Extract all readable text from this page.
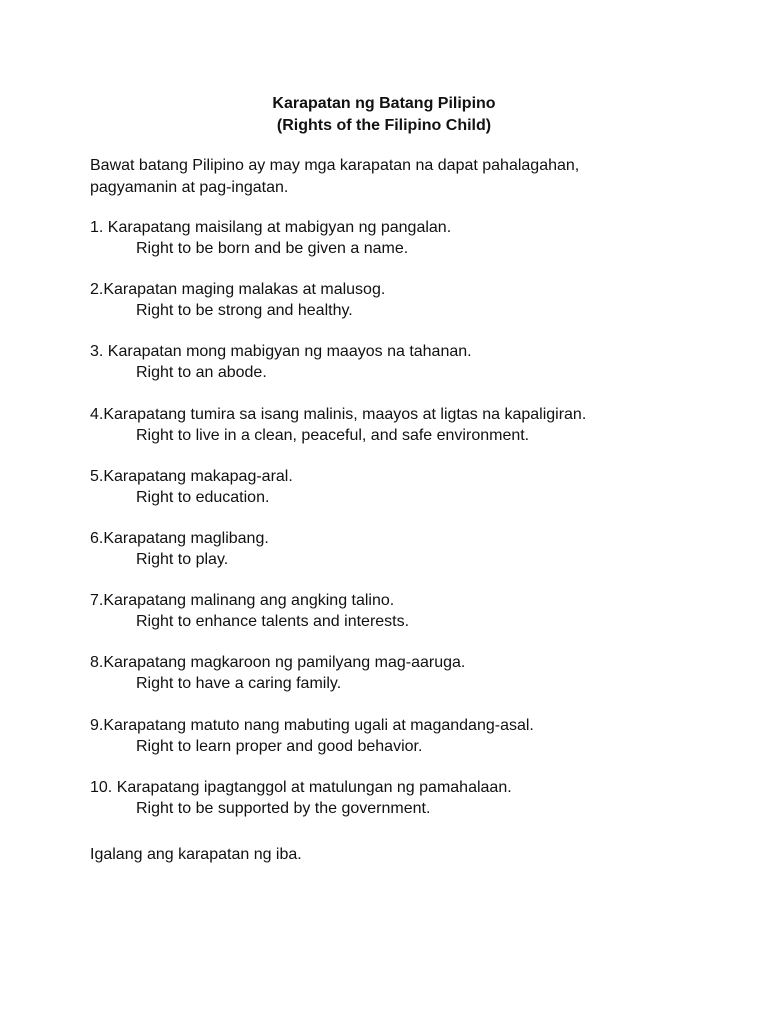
Karapatan ng Batang Pilipino
(Rights of the Filipino Child)
Bawat batang Pilipino ay may mga karapatan na dapat pahalagahan,
pagyamanin at pag-ingatan.
1. Karapatang maisilang at mabigyan ng pangalan.
Right to be born and be given a name.
2.Karapatan maging malakas at malusog.
Right to be strong and healthy.
3. Karapatan mong mabigyan ng maayos na tahanan.
Right to an abode.
4.Karapatang tumira sa isang malinis, maayos at ligtas na kapaligiran.
Right to live in a clean, peaceful, and safe environment.
5.Karapatang makapag-aral.
Right to education.
6.Karapatang maglibang.
Right to play.
7.Karapatang malinang ang angking talino.
Right to enhance talents and interests.
8.Karapatang magkaroon ng pamilyang mag-aaruga.
Right to have a caring family.
9.Karapatang matuto nang mabuting ugali at magandang-asal.
Right to learn proper and good behavior.
10. Karapatang ipagtanggol at matulungan ng pamahalaan.
Right to be supported by the government.
Igalang ang karapatan ng iba.
